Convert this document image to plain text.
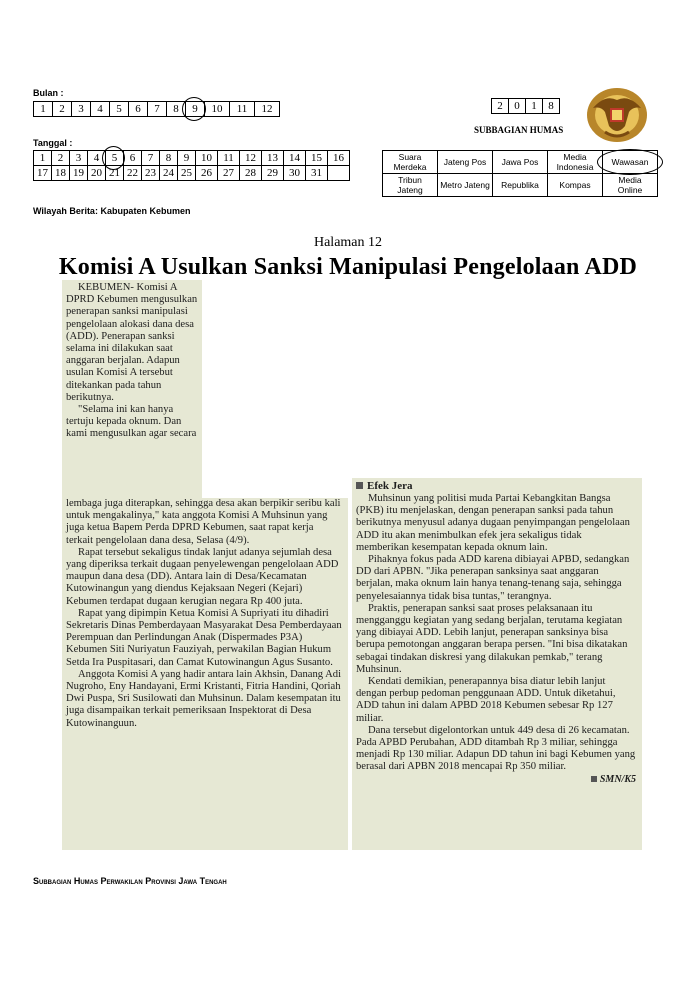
Bulan :
1	2	3	4	5	6	7	8	9	10	11	12	2	0	1	8
SUBBAGIAN HUMAS
Tanggal :
1	2	3	4	5	6	7	8	9	10	11	12	13	14	15	16
17	18	19	20	21	22	23	24	25	26	27	28	29	30	31	
Suara Merdeka	Jateng Pos	Jawa Pos	Media Indonesia	Wawasan

Tribun Jateng	Metro Jateng	Republika	Kompas	Media Online
Wilayah Berita: Kabupaten Kebumen
Halaman 12
Komisi A Usulkan Sanksi Manipulasi Pengelolaan ADD

KEBUMEN- Komisi A DPRD Kebumen mengusulkan penerapan sanksi manipulasi pengelolaan alokasi dana desa (ADD). Penerapan sanksi selama ini dilakukan saat anggaran berjalan. Adapun usulan Komisi A tersebut ditekankan pada tahun berikutnya.

"Selama ini kan hanya tertuju kepada oknum. Dan kami mengusulkan agar secara

lembaga juga diterapkan, sehingga desa akan berpikir seribu kali untuk mengakalinya," kata anggota Komisi A Muhsinun yang juga ketua Bapem Perda DPRD Kebumen, saat rapat kerja terkait pengelolaan dana desa, Selasa (4/9).

Rapat tersebut sekaligus tindak lanjut adanya sejumlah desa yang diperiksa terkait dugaan penyelewengan pengelolaan ADD maupun dana desa (DD). Antara lain di Desa/Kecamatan Kutowinangun yang diendus Kejaksaan Negeri (Kejari) Kebumen terdapat dugaan kerugian negara Rp 400 juta.

Rapat yang dipimpin Ketua Komisi A Supriyati itu dihadiri Sekretaris Dinas Pemberdayaan Masyarakat Desa Pemberdayaan Perempuan dan Perlindungan Anak (Dispermades P3A) Kebumen Siti Nuriyatun Fauziyah, perwakilan Bagian Hukum Setda Ira Puspitasari, dan Camat Kutowinangun Agus Susanto.

Anggota Komisi A yang hadir antara lain Akhsin, Danang Adi Nugroho, Eny Handayani, Ermi Kristanti, Fitria Handini, Qoriah Dwi Puspa, Sri Susilowati dan Muhsinun. Dalam kesempatan itu juga disampaikan terkait pemeriksaan Inspektorat di Desa Kutowinanguun.

Efek Jera

Muhsinun yang politisi muda Partai Kebangkitan Bangsa (PKB) itu menjelaskan, dengan penerapan sanksi pada tahun berikutnya menyusul adanya dugaan penyimpangan pengelolaan ADD itu akan menimbulkan efek jera sekaligus tidak memberikan kesempatan kepada oknum lain.

Pihaknya fokus pada ADD karena dibiayai APBD, sedangkan DD dari APBN. "Jika penerapan sanksinya saat anggaran berjalan, maka oknum lain hanya tenang-tenang saja, sehingga penyelesaiannya tidak bisa tuntas," terangnya.

Praktis, penerapan sanksi saat proses pelaksanaan itu mengganggu kegiatan yang sedang berjalan, terutama kegiatan yang dibiayai ADD. Lebih lanjut, penerapan sanksinya bisa berupa pemotongan anggaran berapa persen. "Ini bisa dikatakan sebagai tindakan diskresi yang dilakukan pemkab," terang Muhsinun.

Kendati demikian, penerapannya bisa diatur lebih lanjut dengan perbup pedoman penggunaan ADD. Untuk diketahui, ADD tahun ini dalam APBD 2018 Kebumen sebesar Rp 127 miliar.

Dana tersebut digelontorkan untuk 449 desa di 26 kecamatan. Pada APBD Perubahan, ADD ditambah Rp 3 miliar, sehingga menjadi Rp 130 miliar. Adapun DD tahun ini bagi Kebumen yang berasal dari APBN 2018 mencapai Rp 350 miliar.

SMN/K5
Subbagian Humas Perwakilan Provinsi Jawa Tengah
